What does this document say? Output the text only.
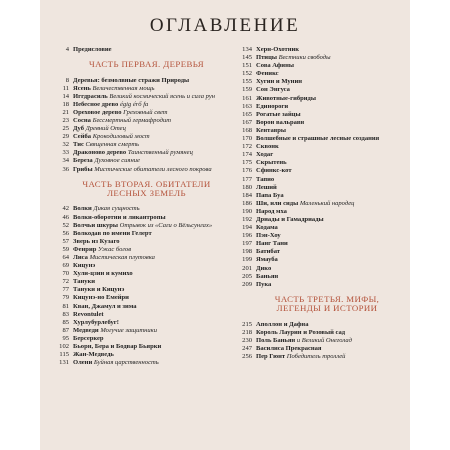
ОГЛАВЛЕНИЕ
4 Предисловие
ЧАСТЬ ПЕРВАЯ. ДЕРЕВЬЯ
8 Деревья: безмолвные стражи Природы
11 Ясень Величественная мощь
14 Иггдрасиль Великий космический ясень и сила рун
18 Небесное древо égig érő fa
21 Ореховое дерево Греховный свет
23 Сосна Бессмертный гермафродит
25 Дуб Древний Отец
29 Сейба Крокодиловый мост
32 Тис Священная смерть
33 Драконово дерево Таинственный румянец
34 Береза Духовное сияние
36 Грибы Мистические обитатели лесного покрова
ЧАСТЬ ВТОРАЯ. ОБИТАТЕЛИ
ЛЕСНЫХ ЗЕМЕЛЬ
42 Волки Дикая сущность
46 Волки-оборотни и ликантропы
52 Волчьи шкуры Отрывок из «Саги о Вёльсунгах»
56 Волкодав по имени Гелерт
57 Зверь из Кузаго
59 Фенрир Ужас богов
64 Лиса Мистическая плутовка
69 Кицунэ
70 Хули-цзин и кумихо
72 Тануки
77 Тануки и Кицунэ
79 Кицунэ-но Емейри
81 Кван, Джамул и зима
83 Revontulet
85 Хурлубурлебуг!
87 Медведи Могучие защитники
95 Берсеркер
102 Бьорн, Бера и Бодвар Бьярки
115 Жан-Медведь
131 Олени Буйная царственность
134 Херн-Охотник
145 Птицы Вестники свободы
151 Сова Афины
152 Феникс
155 Хугин и Мунин
159 Сон Энгуса
161 Животные-гибриды
163 Единороги
165 Рогатые зайцы
167 Ворон вальравн
168 Кентавры
170 Волшебные и страшные лесные создания
172 Сквонк
174 Ходаг
175 Скрытень
176 Сфинкс-кот
177 Тапио
180 Леший
184 Папа Буа
186 Ши, или сиды Маленький народец
190 Народ мха
192 Дриады и Гамадриады
194 Кодама
196 Пэн-Хоу
197 Нанг Тани
198 Батибат
199 Ямауба
201 Дико
205 Баньян
209 Пука
ЧАСТЬ ТРЕТЬЯ. МИФЫ,
ЛЕГЕНДЫ И ИСТОРИИ
215 Аполлон и Дафна
218 Король Лаурин и Розовый сад
230 Поль Баньян и Великий Онеголад
247 Василиса Прекрасная
256 Пер Гюнт Победитель троллей
